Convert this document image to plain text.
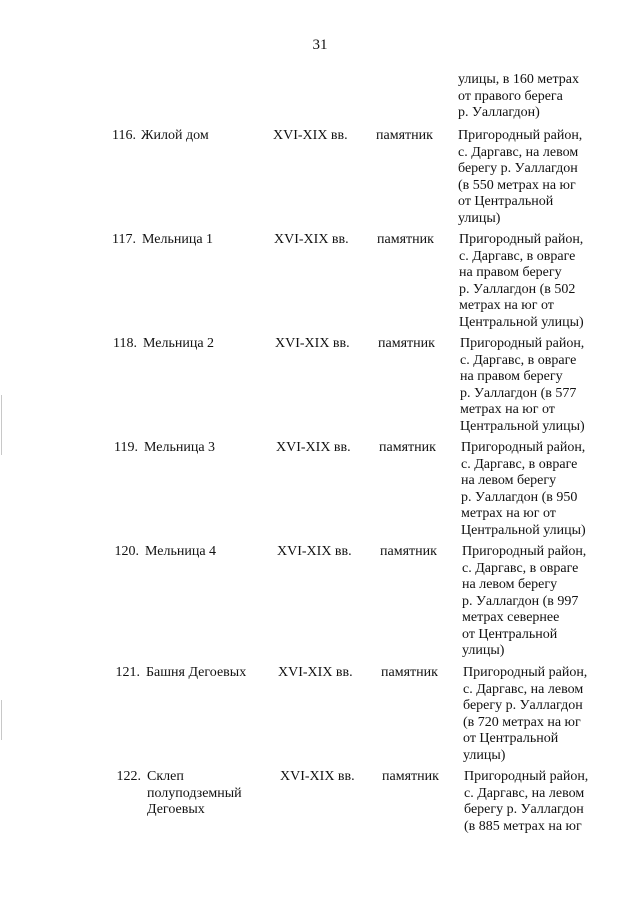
31
улицы, в 160 метрах
от правого берега
р. Уаллагдон)
116. Жилой дом	XVI-XIX вв. памятник Пригородный район,
с. Даргавс, на левом
берегу р. Уаллагдон
(в 550 метрах на юг
от Центральной
улицы)
117. Мельница 1	XVI-XIX вв. памятник Пригородный район,
с. Даргавс, в овраге
на правом берегу
р. Уаллагдон (в 502
метрах на юг от
Центральной улицы)
118. Мельница 2	XVI-XIX вв. памятник Пригородный район,
с. Даргавс, в овраге
на правом берегу
р. Уаллагдон (в 577
метрах на юг от
Центральной улицы)
119. Мельница 3	XVI-XIX вв. памятник Пригородный район,
с. Даргавс, в овраге
на левом берегу
р. Уаллагдон (в 950
метрах на юг от
Центральной улицы)
120. Мельница 4	XVI-XIX вв. памятник Пригородный район,
с. Даргавс, в овраге
на левом берегу
р. Уаллагдон (в 997
метрах севернее
от Центральной
улицы)
121. Башня Дегоевых	XVI-XIX вв. памятник Пригородный район,
с. Даргавс, на левом
берегу р. Уаллагдон
(в 720 метрах на юг
от Центральной
улицы)
122. Склеп
полуподземный
Дегоевых
XVI-XIX вв. памятник Пригородный район,
с. Даргавс, на левом
берегу р. Уаллагдон
(в 885 метрах на юг
